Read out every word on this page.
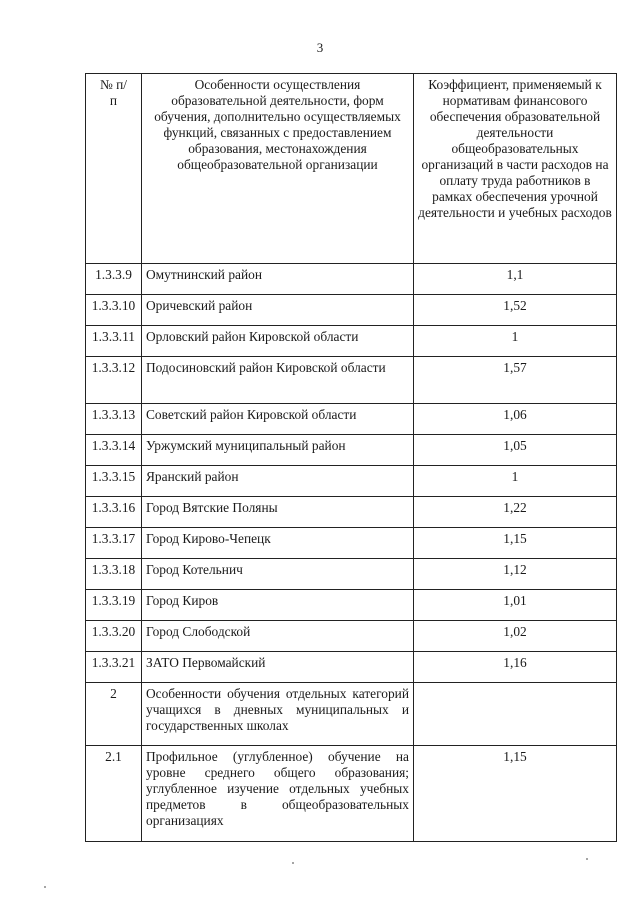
3
№ п/п	Особенности осуществления образовательной деятельности, форм обучения, дополнительно осуществляемых функций, связанных с предоставлением образования, местонахождения общеобразовательной организации	Коэффициент, применяемый к нормативам финансового обеспечения образовательной деятельности общеобразовательных организаций в части расходов на оплату труда работников в рамках обеспечения урочной деятельности и учебных расходов
1.3.3.9	Омутнинский район	1,1
1.3.3.10	Оричевский район	1,52
1.3.3.11	Орловский район Кировской области	1
1.3.3.12	Подосиновский район Кировской области	1,57
1.3.3.13	Советский район Кировской области	1,06
1.3.3.14	Уржумский муниципальный район	1,05
1.3.3.15	Яранский район	1
1.3.3.16	Город Вятские Поляны	1,22
1.3.3.17	Город Кирово-Чепецк	1,15
1.3.3.18	Город Котельнич	1,12
1.3.3.19	Город Киров	1,01
1.3.3.20	Город Слободской	1,02
1.3.3.21	ЗАТО Первомайский	1,16
2	Особенности обучения отдельных категорий учащихся в дневных муниципальных и государственных школах	
2.1	Профильное (углубленное) обучение на уровне среднего общего образования; углубленное изучение отдельных учебных предметов в общеобразовательных организациях	1,15
